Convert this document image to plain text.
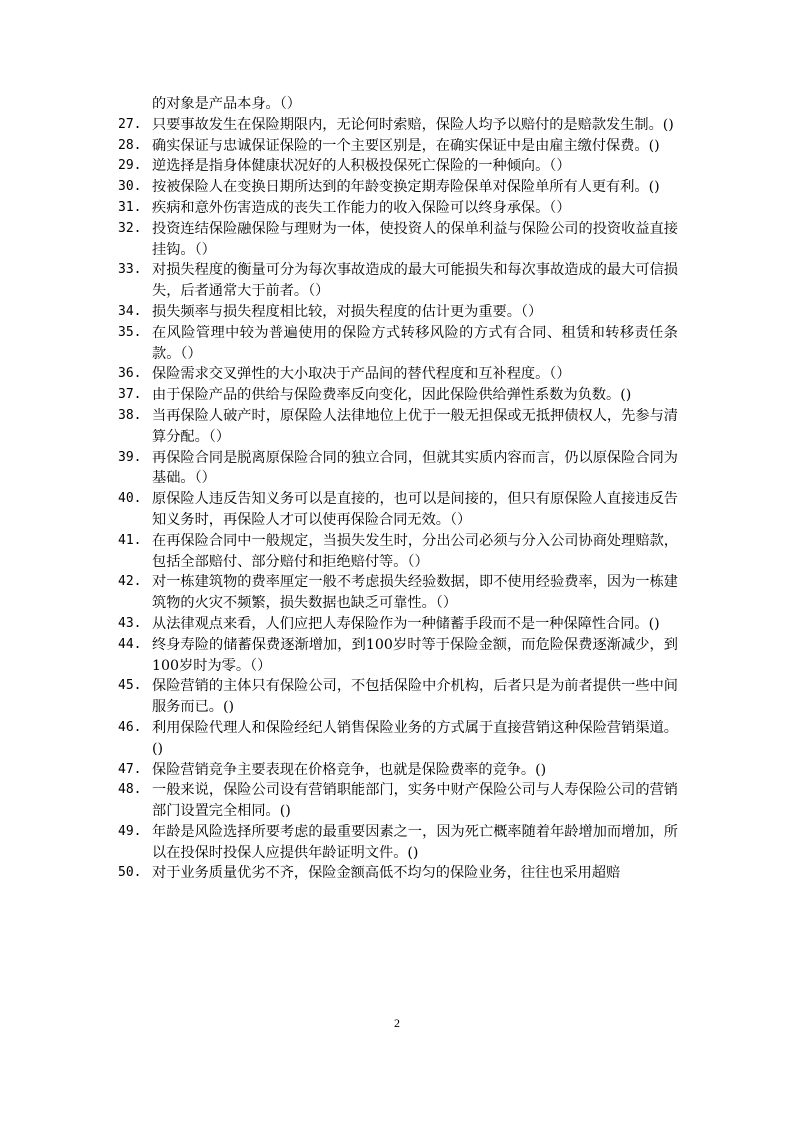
的对象是产品本身。（）
27. 只要事故发生在保险期限内，无论何时索赔，保险人均予以赔付的是赔款发生制。()
28. 确实保证与忠诚保证保险的一个主要区别是，在确实保证中是由雇主缴付保费。()
29. 逆选择是指身体健康状况好的人积极投保死亡保险的一种倾向。（）
30. 按被保险人在变换日期所达到的年龄变换定期寿险保单对保险单所有人更有利。()
31. 疾病和意外伤害造成的丧失工作能力的收入保险可以终身承保。（）
32. 投资连结保险融保险与理财为一体，使投资人的保单利益与保险公司的投资收益直接挂钩。（）
33. 对损失程度的衡量可分为每次事故造成的最大可能损失和每次事故造成的最大可信损失，后者通常大于前者。（）
34. 损失频率与损失程度相比较，对损失程度的估计更为重要。（）
35. 在风险管理中较为普遍使用的保险方式转移风险的方式有合同、租赁和转移责任条款。（）
36. 保险需求交叉弹性的大小取决于产品间的替代程度和互补程度。（）
37. 由于保险产品的供给与保险费率反向变化，因此保险供给弹性系数为负数。()
38. 当再保险人破产时，原保险人法律地位上优于一般无担保或无抵押债权人，先参与清算分配。（）
39. 再保险合同是脱离原保险合同的独立合同，但就其实质内容而言，仍以原保险合同为基础。（）
40. 原保险人违反告知义务可以是直接的，也可以是间接的，但只有原保险人直接违反告知义务时，再保险人才可以使再保险合同无效。（）
41. 在再保险合同中一般规定，当损失发生时，分出公司必须与分入公司协商处理赔款，包括全部赔付、部分赔付和拒绝赔付等。（）
42. 对一栋建筑物的费率厘定一般不考虑损失经验数据，即不使用经验费率，因为一栋建筑物的火灾不频繁，损失数据也缺乏可靠性。（）
43. 从法律观点来看，人们应把人寿保险作为一种储蓄手段而不是一种保障性合同。()
44. 终身寿险的储蓄保费逐渐增加，到100岁时等于保险金额，而危险保费逐渐减少，到100岁时为零。（）
45. 保险营销的主体只有保险公司，不包括保险中介机构，后者只是为前者提供一些中间服务而已。()
46. 利用保险代理人和保险经纪人销售保险业务的方式属于直接营销这种保险营销渠道。()
47. 保险营销竞争主要表现在价格竞争，也就是保险费率的竞争。()
48. 一般来说，保险公司设有营销职能部门，实务中财产保险公司与人寿保险公司的营销部门设置完全相同。()
49. 年龄是风险选择所要考虑的最重要因素之一，因为死亡概率随着年龄增加而增加，所以在投保时投保人应提供年龄证明文件。()
50. 对于业务质量优劣不齐，保险金额高低不均匀的保险业务，往往也采用超赔
2
